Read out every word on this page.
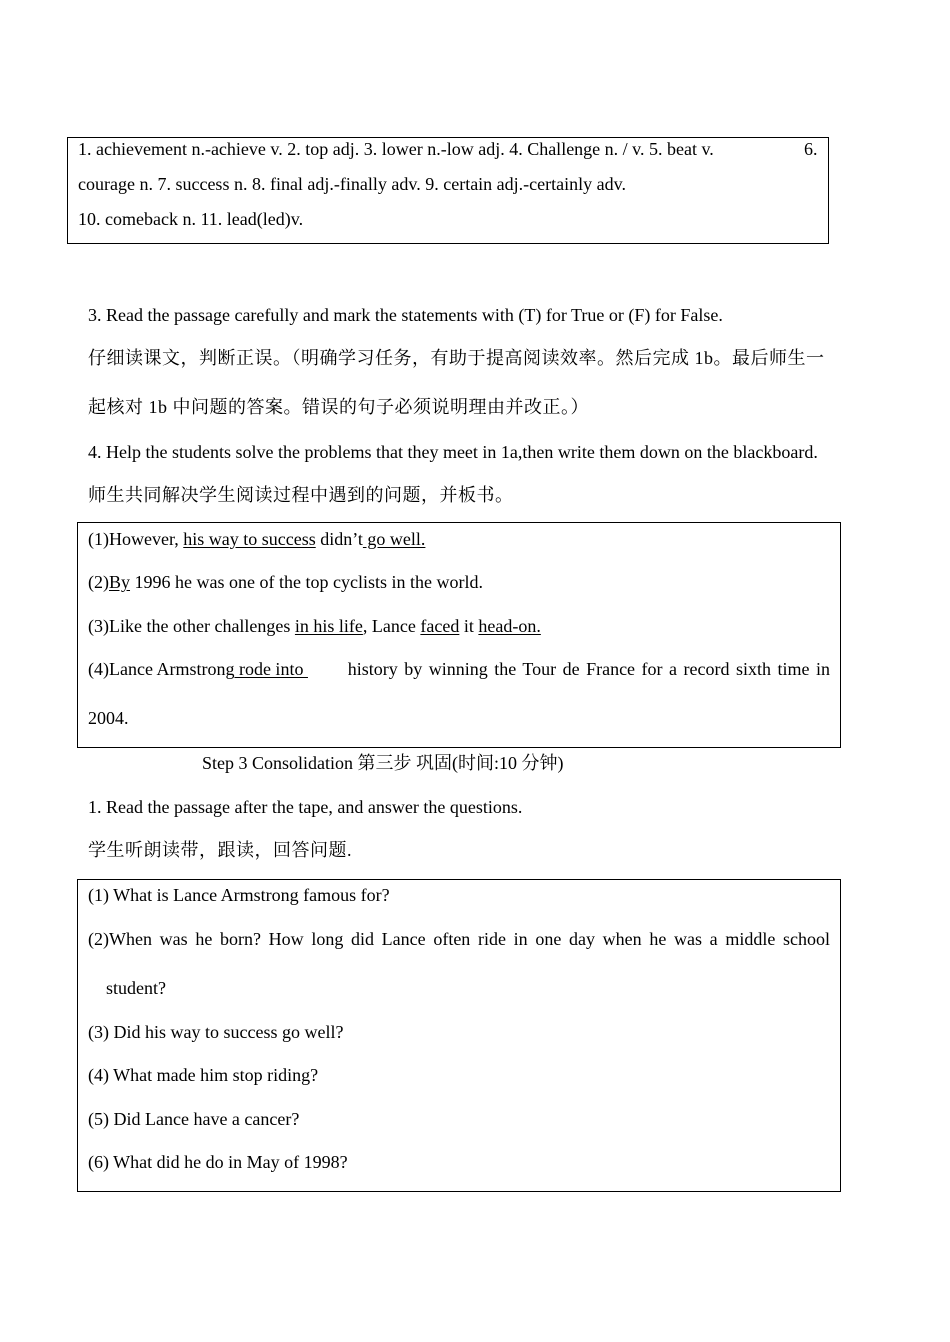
1. achievement n.-achieve v. 2. top adj. 3. lower n.-low adj. 4. Challenge n. / v. 5. beat v.	6.
courage n. 7. success n. 8. final adj.-finally adv. 9. certain adj.-certainly adv.
10. comeback n. 11. lead(led)v.
3. Read the passage carefully and mark the statements with (T) for True or (F) for False.
仔细读课文，判断正误。（明确学习任务，有助于提高阅读效率。然后完成 1b。最后师生一
起核对 1b 中问题的答案。错误的句子必须说明理由并改正。）
4. Help the students solve the problems that they meet in 1a,then write them down on the blackboard.
师生共同解决学生阅读过程中遇到的问题，并板书。
(1)However, his way to success didn’t go well.
(2)By 1996 he was one of the top cyclists in the world.
(3)Like the other challenges in his life, Lance faced it head-on.
(4)Lance Armstrong rode into history by winning the Tour de France for a record sixth time in
2004.
Step 3 Consolidation 第三步 巩固(时间:10 分钟)
1. Read the passage after the tape, and answer the questions.
学生听朗读带，跟读，回答问题.
(1) What is Lance Armstrong famous for?
(2)When was he born? How long did Lance often ride in one day when he was a middle school
student?
(3) Did his way to success go well?
(4) What made him stop riding?
(5) Did Lance have a cancer?
(6) What did he do in May of 1998?
